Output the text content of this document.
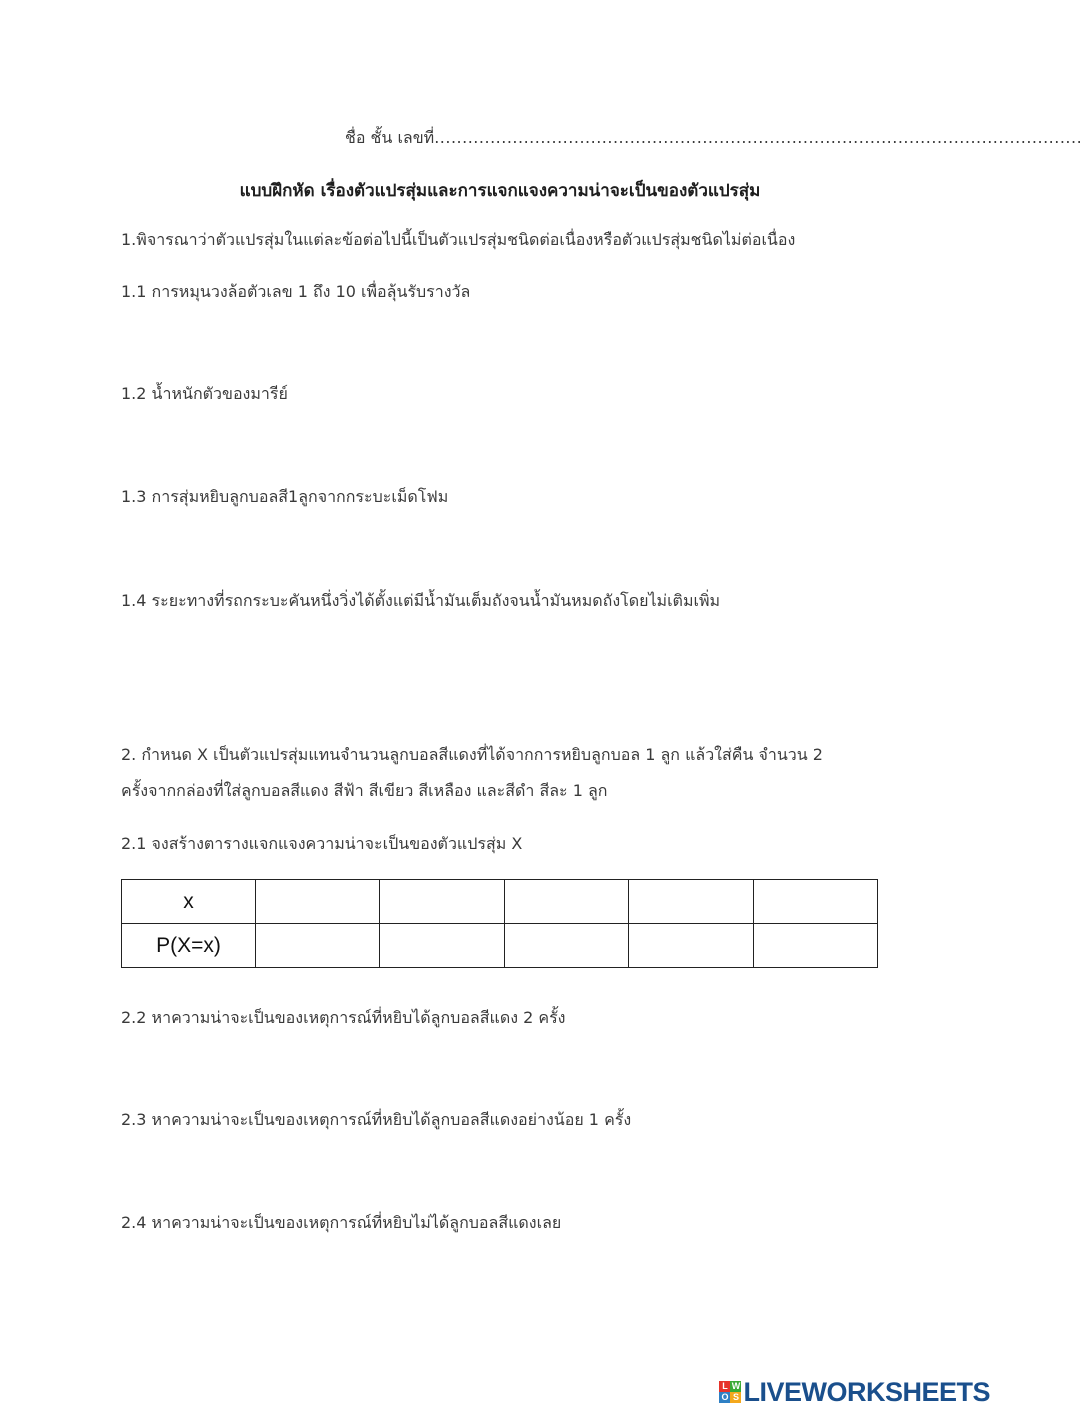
ชื่อ ชั้น เลขที่....................................................................................................................
แบบฝึกหัด เรื่องตัวแปรสุ่มและการแจกแจงความน่าจะเป็นของตัวแปรสุ่ม
1.พิจารณาว่าตัวแปรสุ่มในแต่ละข้อต่อไปนี้เป็นตัวแปรสุ่มชนิดต่อเนื่องหรือตัวแปรสุ่มชนิดไม่ต่อเนื่อง
1.1 การหมุนวงล้อตัวเลข 1 ถึง 10 เพื่อลุ้นรับรางวัล
1.2 น้ำหนักตัวของมารีย์
1.3 การสุ่มหยิบลูกบอลสี1ลูกจากกระบะเม็ดโฟม
1.4 ระยะทางที่รถกระบะคันหนึ่งวิ่งได้ตั้งแต่มีน้ำมันเต็มถังจนน้ำมันหมดถังโดยไม่เติมเพิ่ม
2. กำหนด X เป็นตัวแปรสุ่มแทนจำนวนลูกบอลสีแดงที่ได้จากการหยิบลูกบอล 1 ลูก แล้วใส่คืน จำนวน 2
ครั้งจากกล่องที่ใส่ลูกบอลสีแดง สีฟ้า สีเขียว สีเหลือง และสีดำ สีละ 1 ลูก
2.1 จงสร้างตารางแจกแจงความน่าจะเป็นของตัวแปรสุ่ม X
x					
P(X=x)					
2.2 หาความน่าจะเป็นของเหตุการณ์ที่หยิบได้ลูกบอลสีแดง 2 ครั้ง
2.3 หาความน่าจะเป็นของเหตุการณ์ที่หยิบได้ลูกบอลสีแดงอย่างน้อย 1 ครั้ง
2.4 หาความน่าจะเป็นของเหตุการณ์ที่หยิบไม่ได้ลูกบอลสีแดงเลย
L W
O S LIVEWORKSHEETS
